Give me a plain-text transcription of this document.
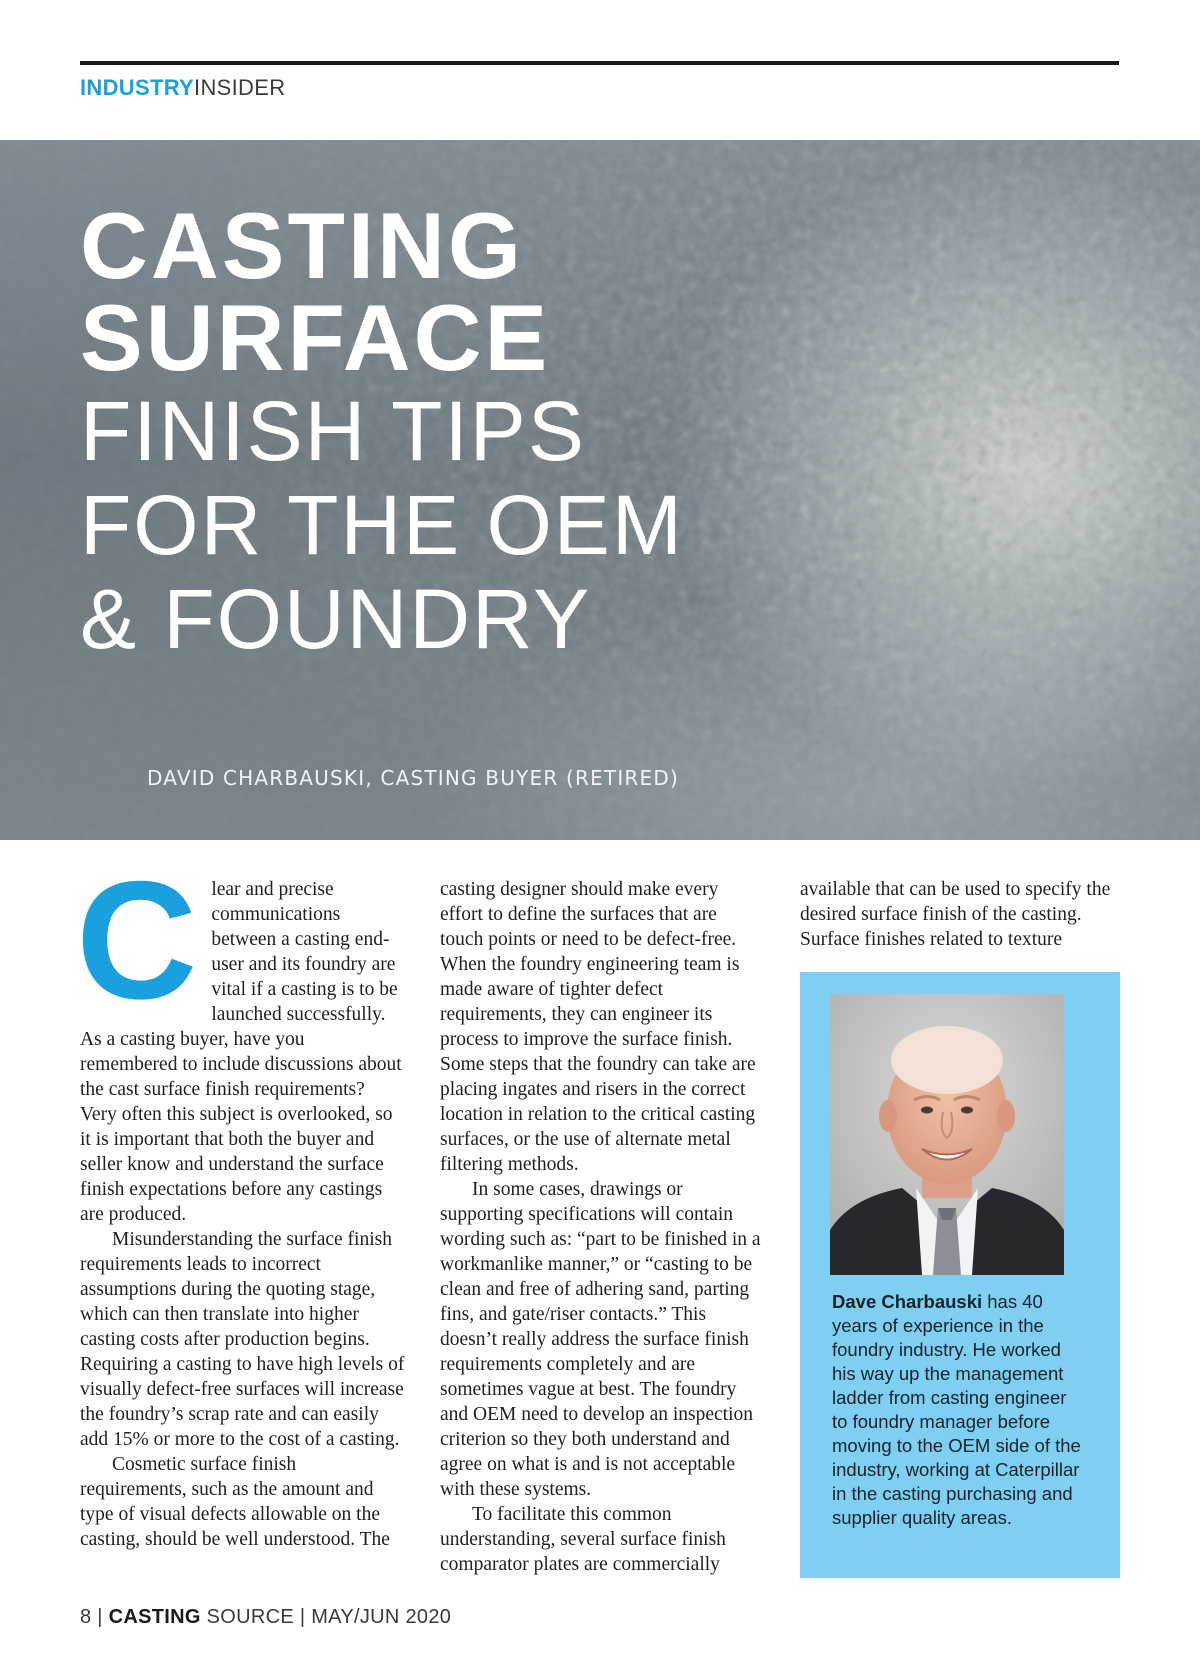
INDUSTRYINSIDER
CASTING
SURFACE
FINISH TIPS
FOR THE OEM
& FOUNDRY
DAVID CHARBAUSKI, CASTING BUYER (RETIRED)
C lear and precise communications between a casting end-user and its foundry are vital if a casting is to be launched successfully. As a casting buyer, have you remembered to include discussions about the cast surface finish requirements? Very often this subject is overlooked, so it is important that both the buyer and seller know and understand the surface finish expectations before any castings are produced.

Misunderstanding the surface finish requirements leads to incorrect assumptions during the quoting stage, which can then translate into higher casting costs after production begins. Requiring a casting to have high levels of visually defect-free surfaces will increase the foundry’s scrap rate and can easily add 15% or more to the cost of a casting.

Cosmetic surface finish requirements, such as the amount and type of visual defects allowable on the casting, should be well understood. The

casting designer should make every effort to define the surfaces that are touch points or need to be defect-free. When the foundry engineering team is made aware of tighter defect requirements, they can engineer its process to improve the surface finish. Some steps that the foundry can take are placing ingates and risers in the correct location in relation to the critical casting surfaces, or the use of alternate metal filtering methods.

In some cases, drawings or supporting specifications will contain wording such as: “part to be finished in a workmanlike manner,” or “casting to be clean and free of adhering sand, parting fins, and gate/riser contacts.” This doesn’t really address the surface finish requirements completely and are sometimes vague at best. The foundry and OEM need to develop an inspection criterion so they both understand and agree on what is and is not acceptable with these systems.

To facilitate this common understanding, several surface finish comparator plates are commercially

available that can be used to specify the desired surface finish of the casting. Surface finishes related to texture

Dave Charbauski has 40 years of experience in the foundry industry. He worked his way up the management ladder from casting engineer to foundry manager before moving to the OEM side of the industry, working at Caterpillar in the casting purchasing and supplier quality areas.
8 | CASTING SOURCE | MAY/JUN 2020
